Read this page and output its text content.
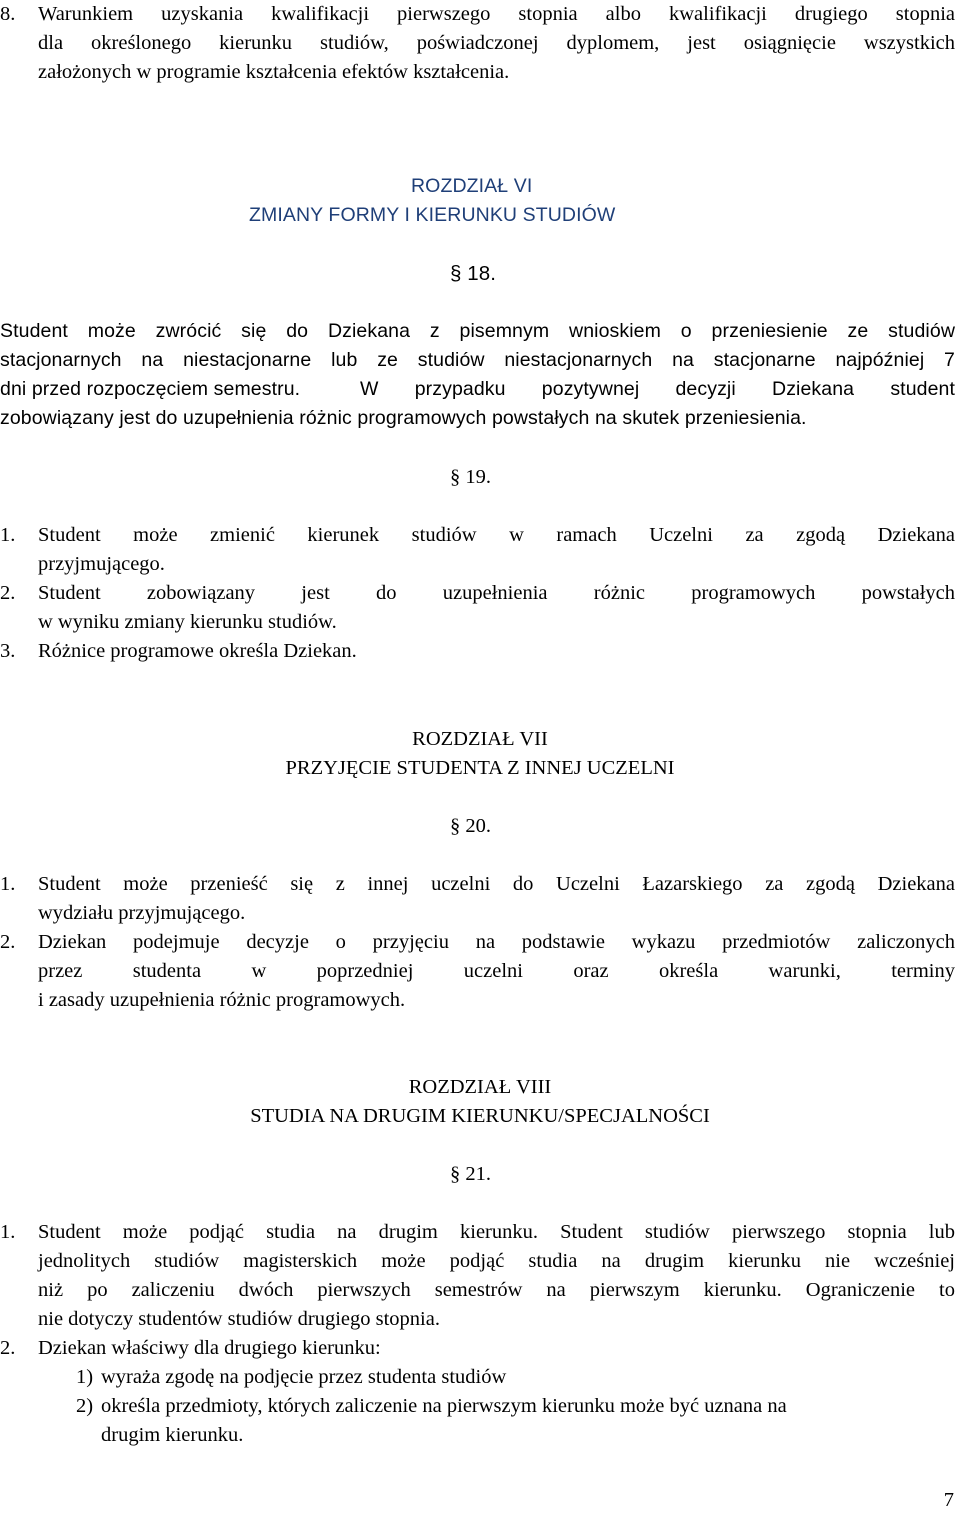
8. Warunkiem uzyskania kwalifikacji pierwszego stopnia albo kwalifikacji drugiego stopnia
dla określonego kierunku studiów, poświadczonej dyplomem, jest osiągnięcie wszystkich
założonych w programie kształcenia efektów kształcenia.
ROZDZIAŁ VI
ZMIANY FORMY I KIERUNKU STUDIÓW
§ 18.
Student może zwrócić się do Dziekana z pisemnym wnioskiem o przeniesienie ze studiów
stacjonarnych na niestacjonarne lub ze studiów niestacjonarnych na stacjonarne najpóźniej 7
dni przed rozpoczęciem semestru.	W przypadku pozytywnej decyzji Dziekana student
zobowiązany jest do uzupełnienia różnic programowych powstałych na skutek przeniesienia.
§ 19.
1. Student może zmienić kierunek studiów w ramach Uczelni za zgodą Dziekana
przyjmującego.
2. Student zobowiązany jest do uzupełnienia różnic programowych powstałych
w wyniku zmiany kierunku studiów.
3. Różnice programowe określa Dziekan.
ROZDZIAŁ VII
PRZYJĘCIE STUDENTA Z INNEJ UCZELNI
§ 20.
1. Student może przenieść się z innej uczelni do Uczelni Łazarskiego za zgodą Dziekana
wydziału przyjmującego.
2. Dziekan podejmuje decyzje o przyjęciu na podstawie wykazu przedmiotów zaliczonych
przez studenta w poprzedniej uczelni oraz określa warunki, terminy
i zasady uzupełnienia różnic programowych.
ROZDZIAŁ VIII
STUDIA NA DRUGIM KIERUNKU/SPECJALNOŚCI
§ 21.
1. Student może podjąć studia na drugim kierunku. Student studiów pierwszego stopnia lub
jednolitych studiów magisterskich może podjąć studia na drugim kierunku nie wcześniej
niż po zaliczeniu dwóch pierwszych semestrów na pierwszym kierunku. Ograniczenie to
nie dotyczy studentów studiów drugiego stopnia.
2. Dziekan właściwy dla drugiego kierunku:
1) wyraża zgodę na podjęcie przez studenta studiów
2) określa przedmioty, których zaliczenie na pierwszym kierunku może być uznana na
drugim kierunku.
7
